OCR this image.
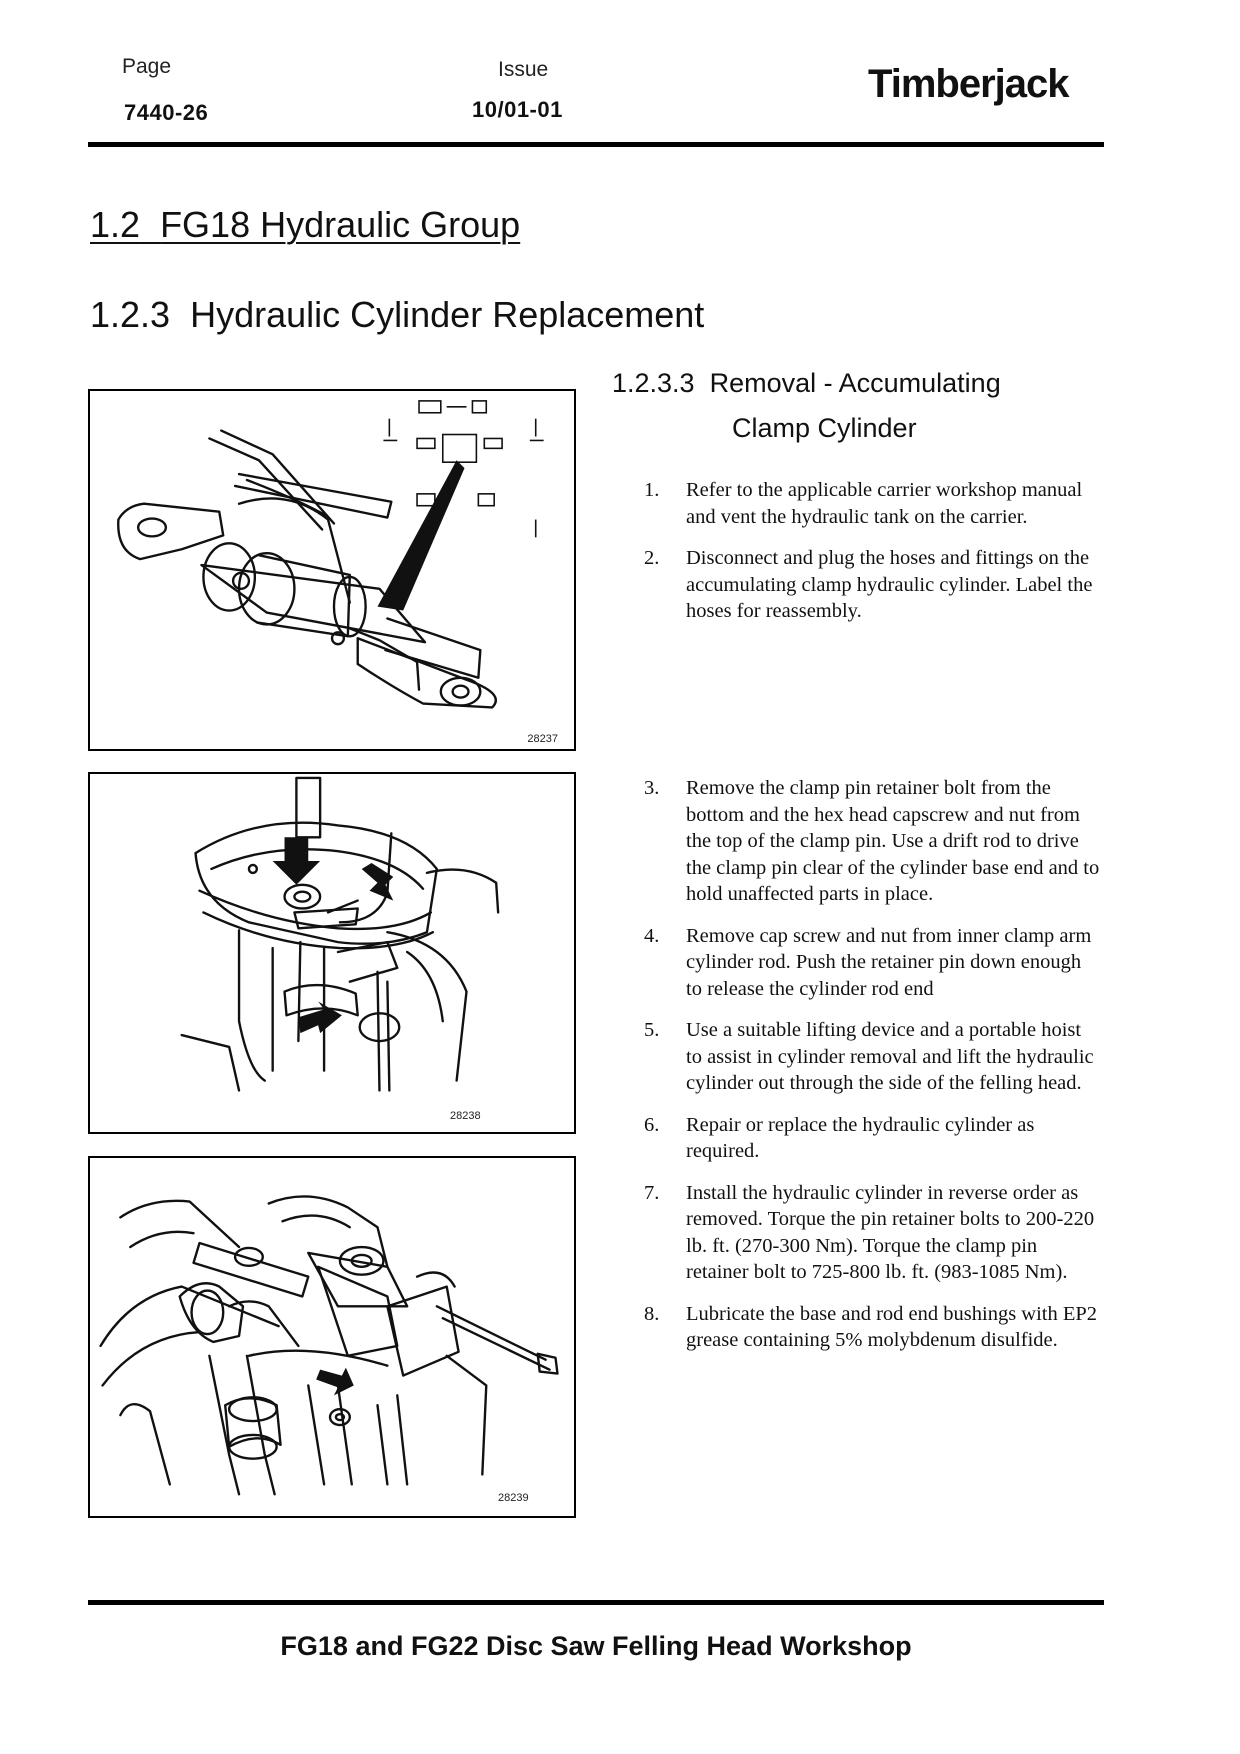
Page
7440-26
Issue
10/01-01
Timberjack
1.2 FG18 Hydraulic Group
1.2.3 Hydraulic Cylinder Replacement
1.2.3.3 Removal - Accumulating
Clamp Cylinder
28237
28238
28239
1. Refer to the applicable carrier workshop manual and vent the hydraulic tank on the carrier.
2. Disconnect and plug the hoses and fittings on the accumulating clamp hydraulic cylinder. Label the hoses for reassembly.
3. Remove the clamp pin retainer bolt from the bottom and the hex head capscrew and nut from the top of the clamp pin. Use a drift rod to drive the clamp pin clear of the cylinder base end and to hold unaffected parts in place.
4. Remove cap screw and nut from inner clamp arm cylinder rod. Push the retainer pin down enough to release the cylinder rod end
5. Use a suitable lifting device and a portable hoist to assist in cylinder removal and lift the hydraulic cylinder out through the side of the felling head.
6. Repair or replace the hydraulic cylinder as required.
7. Install the hydraulic cylinder in reverse order as removed. Torque the pin retainer bolts to 200-220 lb. ft. (270-300 Nm). Torque the clamp pin retainer bolt to 725-800 lb. ft. (983-1085 Nm).
8. Lubricate the base and rod end bushings with EP2 grease containing 5% molybdenum disulfide.
FG18 and FG22 Disc Saw Felling Head Workshop
